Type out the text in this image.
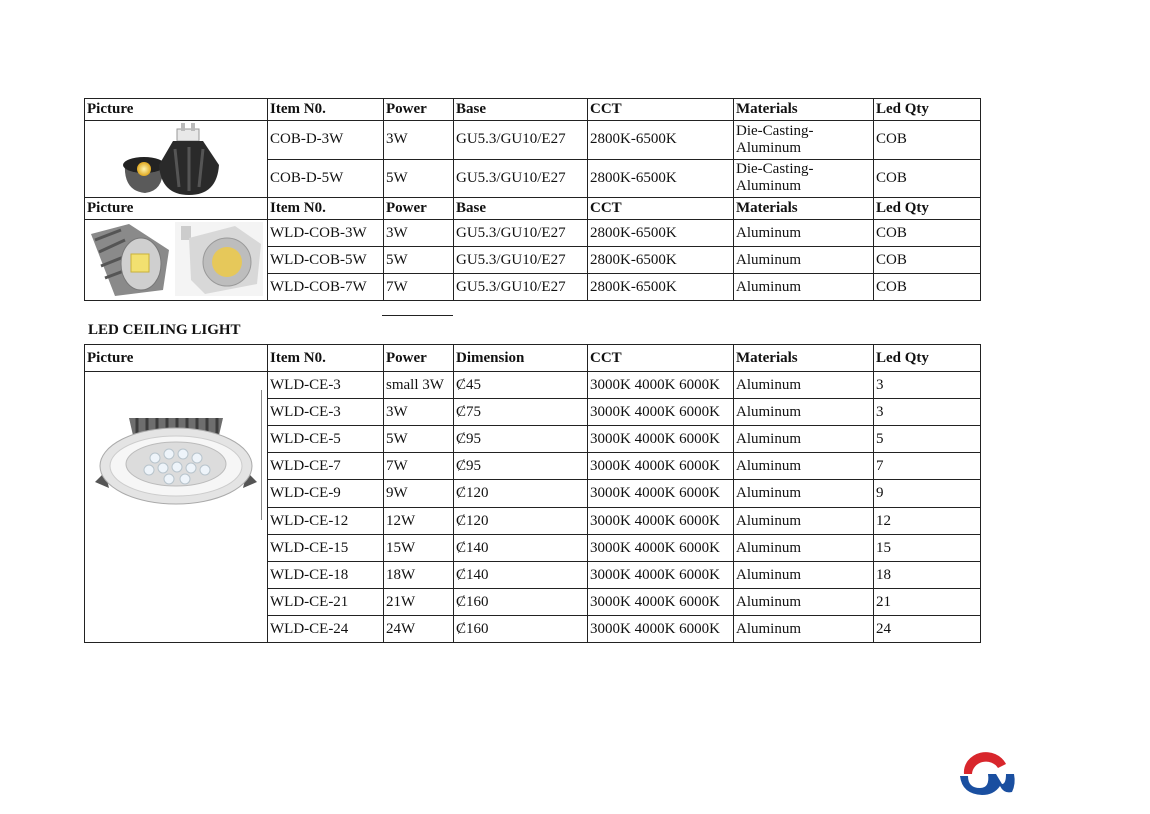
Picture	Item N0.	Power	Base	CCT	Materials	Led Qty

	COB-D-3W	3W	GU5.3/GU10/E27	2800K-6500K	Die-Casting-Aluminum	COB
	COB-D-5W	5W	GU5.3/GU10/E27	2800K-6500K	Die-Casting-Aluminum	COB
Picture	Item N0.	Power	Base	CCT	Materials	Led Qty

	WLD-COB-3W	3W	GU5.3/GU10/E27	2800K-6500K	Aluminum	COB
	WLD-COB-5W	5W	GU5.3/GU10/E27	2800K-6500K	Aluminum	COB
	WLD-COB-7W	7W	GU5.3/GU10/E27	2800K-6500K	Aluminum	COB
LED CEILING LIGHT
Picture	Item N0.	Power	Dimension	CCT	Materials	Led Qty

	WLD-CE-3	small 3W	Ȼ45	3000K 4000K 6000K	Aluminum	3
	WLD-CE-3	3W	Ȼ75	3000K 4000K 6000K	Aluminum	3
	WLD-CE-5	5W	Ȼ95	3000K 4000K 6000K	Aluminum	5
	WLD-CE-7	7W	Ȼ95	3000K 4000K 6000K	Aluminum	7
	WLD-CE-9	9W	Ȼ120	3000K 4000K 6000K	Aluminum	9
	WLD-CE-12	12W	Ȼ120	3000K 4000K 6000K	Aluminum	12
	WLD-CE-15	15W	Ȼ140	3000K 4000K 6000K	Aluminum	15
	WLD-CE-18	18W	Ȼ140	3000K 4000K 6000K	Aluminum	18
	WLD-CE-21	21W	Ȼ160	3000K 4000K 6000K	Aluminum	21
	WLD-CE-24	24W	Ȼ160	3000K 4000K 6000K	Aluminum	24
